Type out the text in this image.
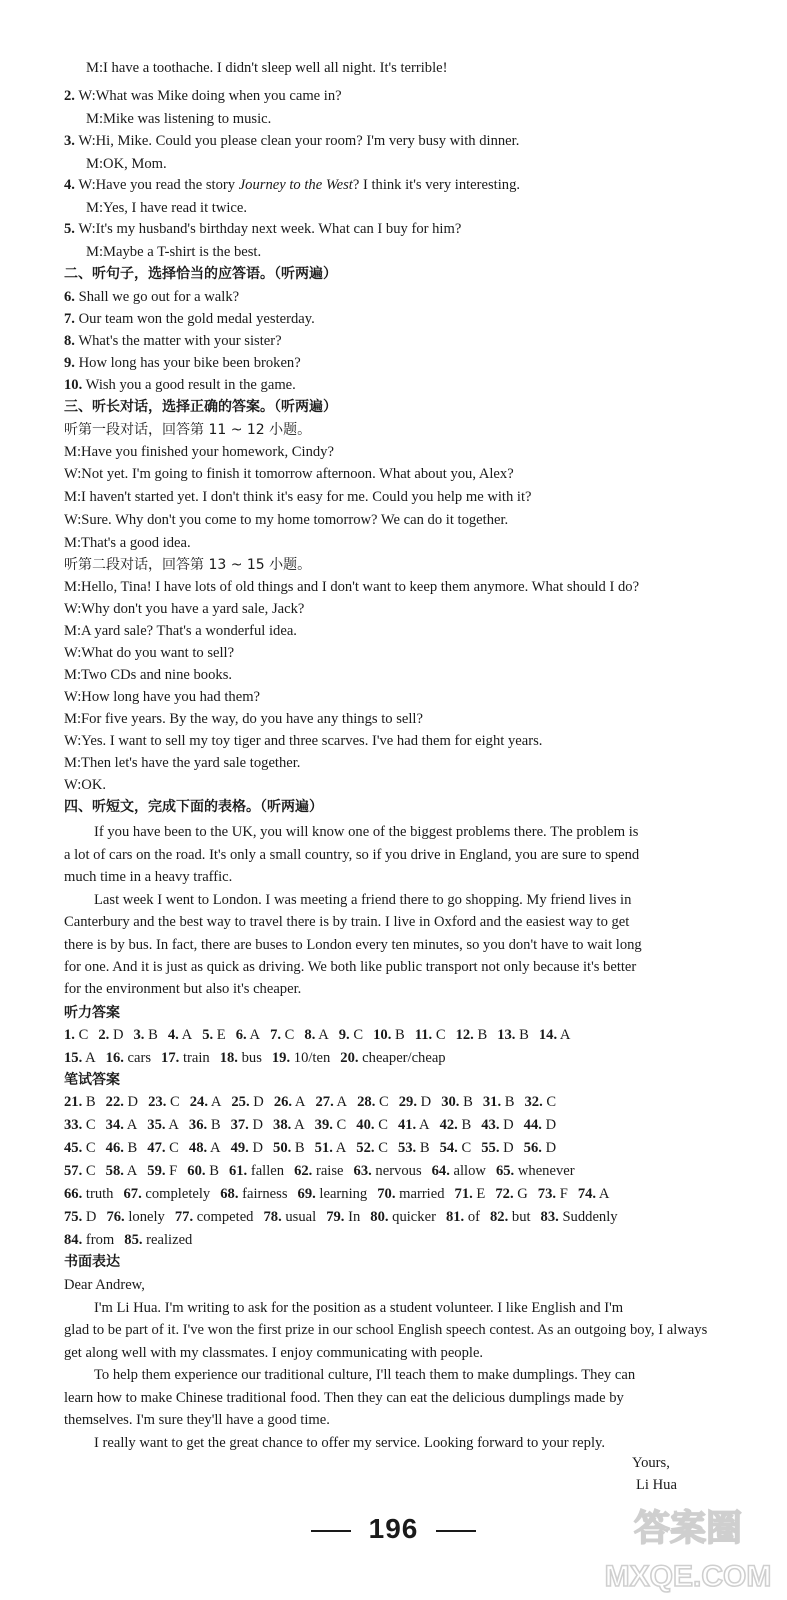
M:I have a toothache. I didn't sleep well all night. It's terrible!
2. W:What was Mike doing when you came in?
M:Mike was listening to music.
3. W:Hi, Mike. Could you please clean your room? I'm very busy with dinner.
M:OK, Mom.
4. W:Have you read the story Journey to the West? I think it's very interesting.
M:Yes, I have read it twice.
5. W:It's my husband's birthday next week. What can I buy for him?
M:Maybe a T-shirt is the best.
二、听句子，选择恰当的应答语。（听两遍）
6. Shall we go out for a walk?
7. Our team won the gold medal yesterday.
8. What's the matter with your sister?
9. How long has your bike been broken?
10. Wish you a good result in the game.
三、听长对话，选择正确的答案。（听两遍）
听第一段对话，回答第 11 ~ 12 小题。
M:Have you finished your homework, Cindy?
W:Not yet. I'm going to finish it tomorrow afternoon. What about you, Alex?
M:I haven't started yet. I don't think it's easy for me. Could you help me with it?
W:Sure. Why don't you come to my home tomorrow? We can do it together.
M:That's a good idea.
听第二段对话，回答第 13 ~ 15 小题。
M:Hello, Tina! I have lots of old things and I don't want to keep them anymore. What should I do?
W:Why don't you have a yard sale, Jack?
M:A yard sale? That's a wonderful idea.
W:What do you want to sell?
M:Two CDs and nine books.
W:How long have you had them?
M:For five years. By the way, do you have any things to sell?
W:Yes. I want to sell my toy tiger and three scarves. I've had them for eight years.
M:Then let's have the yard sale together.
W:OK.
四、听短文，完成下面的表格。（听两遍）
If you have been to the UK, you will know one of the biggest problems there. The problem is
a lot of cars on the road. It's only a small country, so if you drive in England, you are sure to spend
much time in a heavy traffic.
Last week I went to London. I was meeting a friend there to go shopping. My friend lives in
Canterbury and the best way to travel there is by train. I live in Oxford and the easiest way to get
there is by bus. In fact, there are buses to London every ten minutes, so you don't have to wait long
for one. And it is just as quick as driving. We both like public transport not only because it's better
for the environment but also it's cheaper.
听力答案
1. C 2. D 3. B 4. A 5. E 6. A 7. C 8. A 9. C 10. B 11. C 12. B 13. B 14. A
15. A 16. cars 17. train 18. bus 19. 10/ten 20. cheaper/cheap
笔试答案
21. B 22. D 23. C 24. A 25. D 26. A 27. A 28. C 29. D 30. B 31. B 32. C
33. C 34. A 35. A 36. B 37. D 38. A 39. C 40. C 41. A 42. B 43. D 44. D
45. C 46. B 47. C 48. A 49. D 50. B 51. A 52. C 53. B 54. C 55. D 56. D
57. C 58. A 59. F 60. B 61. fallen 62. raise 63. nervous 64. allow 65. whenever
66. truth 67. completely 68. fairness 69. learning 70. married 71. E 72. G 73. F 74. A
75. D 76. lonely 77. competed 78. usual 79. In 80. quicker 81. of 82. but 83. Suddenly
84. from 85. realized
书面表达
Dear Andrew,
I'm Li Hua. I'm writing to ask for the position as a student volunteer. I like English and I'm
glad to be part of it. I've won the first prize in our school English speech contest. As an outgoing boy, I always
get along well with my classmates. I enjoy communicating with people.
To help them experience our traditional culture, I'll teach them to make dumplings. They can
learn how to make Chinese traditional food. Then they can eat the delicious dumplings made by
themselves. I'm sure they'll have a good time.
I really want to get the great chance to offer my service. Looking forward to your reply.
Yours,
Li Hua
196	答案圈
MXQE.COM
